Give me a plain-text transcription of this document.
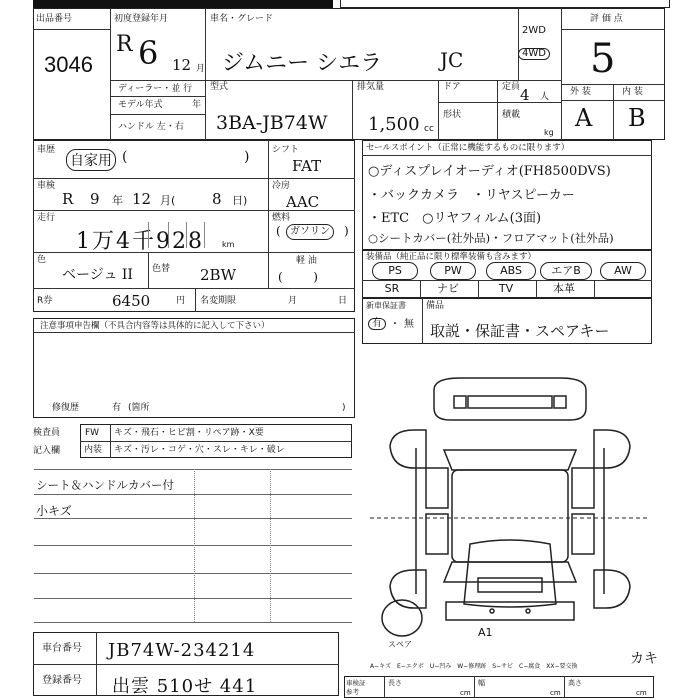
出品番号
3046
初度登録年月
R 6 12 月
車名・グレード
ジムニー シエラ	JC
2WD
4WD
評 価 点
5
ディーラー・並 行
モデル年式	年
ハンドル 左・右
型式
3BA-JB74W
排気量
1,500 cc
ドア
形状
定員 4 人
積載
kg
外 装	内 装
A B
車歴
自家用 (	)	シフト
FAT
車検
R 9 年 12 月( 8 日)
冷房
AAC
走行
1万4千928 km
燃料
ガソリン
(	)
色
ベージュ II 色替 2BW
軽 油
(        )
R券	6450	円 名変期限	月	日
セールスポイント（正常に機能するものに限ります）
○ディスプレイオーディオ(FH8500DVS)
・バックカメラ　・リヤスピーカー
・ETC　○リヤフィルム(3面)
○シートカバー(社外品)・フロアマット(社外品)
装備品（純正品に限り標準装備も含みます）
PS	PW	ABS	エアB	AW
SR	ナビ	TV	本革
新車保証書
有 ・ 無
備品
取説・保証書・スペアキー
注意事項申告欄（不具合内容等は具体的に記入して下さい）
修復歴	有 (箇所	)
検査員
記入欄
FW キズ・飛石・ヒビ割・リペア跡・X要
内装 キズ・汚レ・コゲ・穴・スレ・キレ・破レ
シート＆ハンドルカバー付
小キズ
スペア
A1
カキ
A−キズ　E−エクボ　U−凹み　W−修理跡　S−サビ　C−腐食　XX−要交換
車台番号 JB74W-234214
登録番号 出雲 510せ 441	車検証
参考
長さ
cm
幅
cm
高さ
cm
